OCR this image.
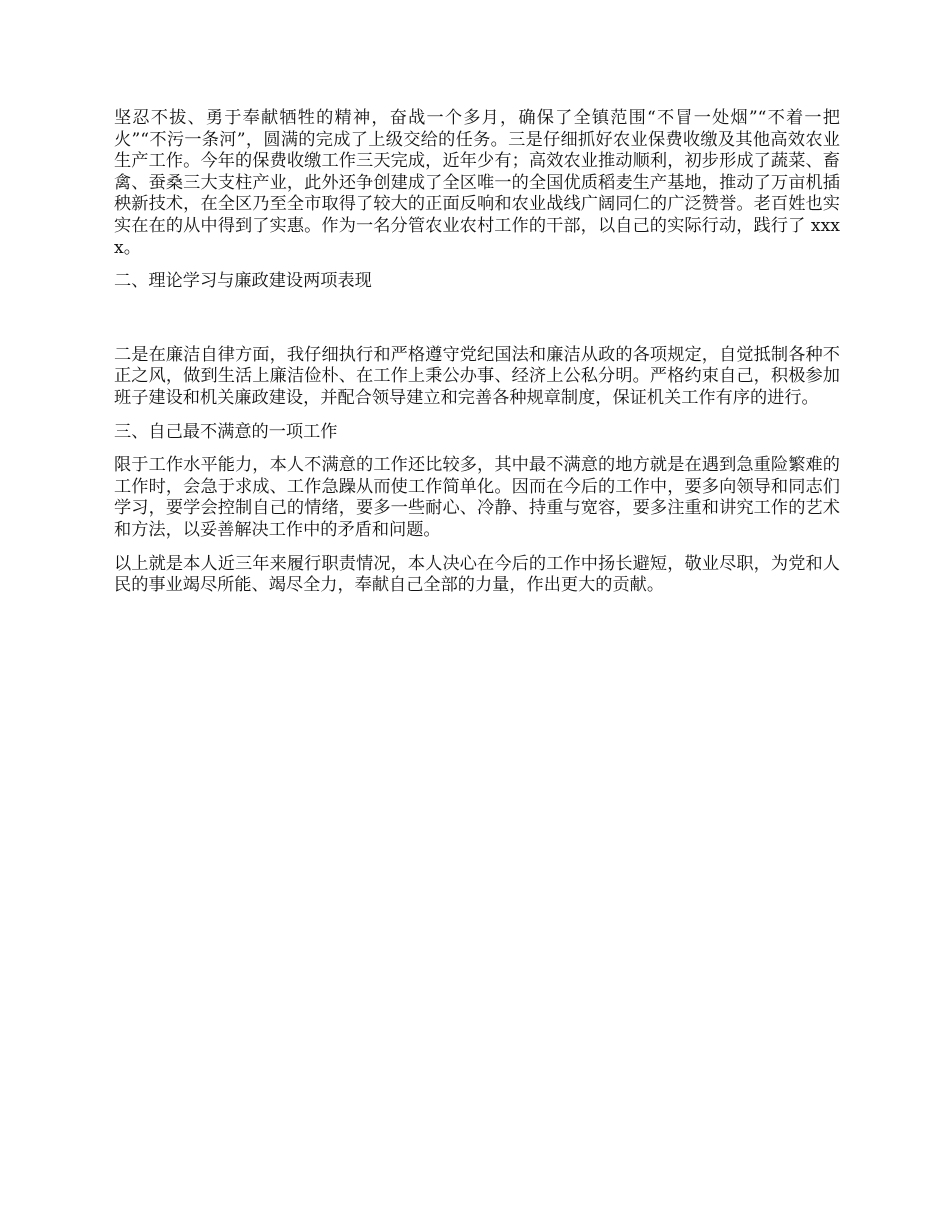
坚忍不拔、勇于奉献牺牲的精神，奋战一个多月，确保了全镇范围“不冒一处烟”“不着一把火”“不污一条河”，圆满的完成了上级交给的任务。三是仔细抓好农业保费收缴及其他高效农业生产工作。今年的保费收缴工作三天完成，近年少有；高效农业推动顺利，初步形成了蔬菜、畜禽、蚕桑三大支柱产业，此外还争创建成了全区唯一的全国优质稻麦生产基地，推动了万亩机插秧新技术，在全区乃至全市取得了较大的正面反响和农业战线广阔同仁的广泛赞誉。老百姓也实实在在的从中得到了实惠。作为一名分管农业农村工作的干部，以自己的实际行动，践行了 xxxx。

二、理论学习与廉政建设两项表现

二是在廉洁自律方面，我仔细执行和严格遵守党纪国法和廉洁从政的各项规定，自觉抵制各种不正之风，做到生活上廉洁俭朴、在工作上秉公办事、经济上公私分明。严格约束自己，积极参加班子建设和机关廉政建设，并配合领导建立和完善各种规章制度，保证机关工作有序的进行。

三、自己最不满意的一项工作

限于工作水平能力，本人不满意的工作还比较多，其中最不满意的地方就是在遇到急重险繁难的工作时，会急于求成、工作急躁从而使工作简单化。因而在今后的工作中，要多向领导和同志们学习，要学会控制自己的情绪，要多一些耐心、冷静、持重与宽容，要多注重和讲究工作的艺术和方法，以妥善解决工作中的矛盾和问题。

以上就是本人近三年来履行职责情况，本人决心在今后的工作中扬长避短，敬业尽职，为党和人民的事业竭尽所能、竭尽全力，奉献自己全部的力量，作出更大的贡献。
